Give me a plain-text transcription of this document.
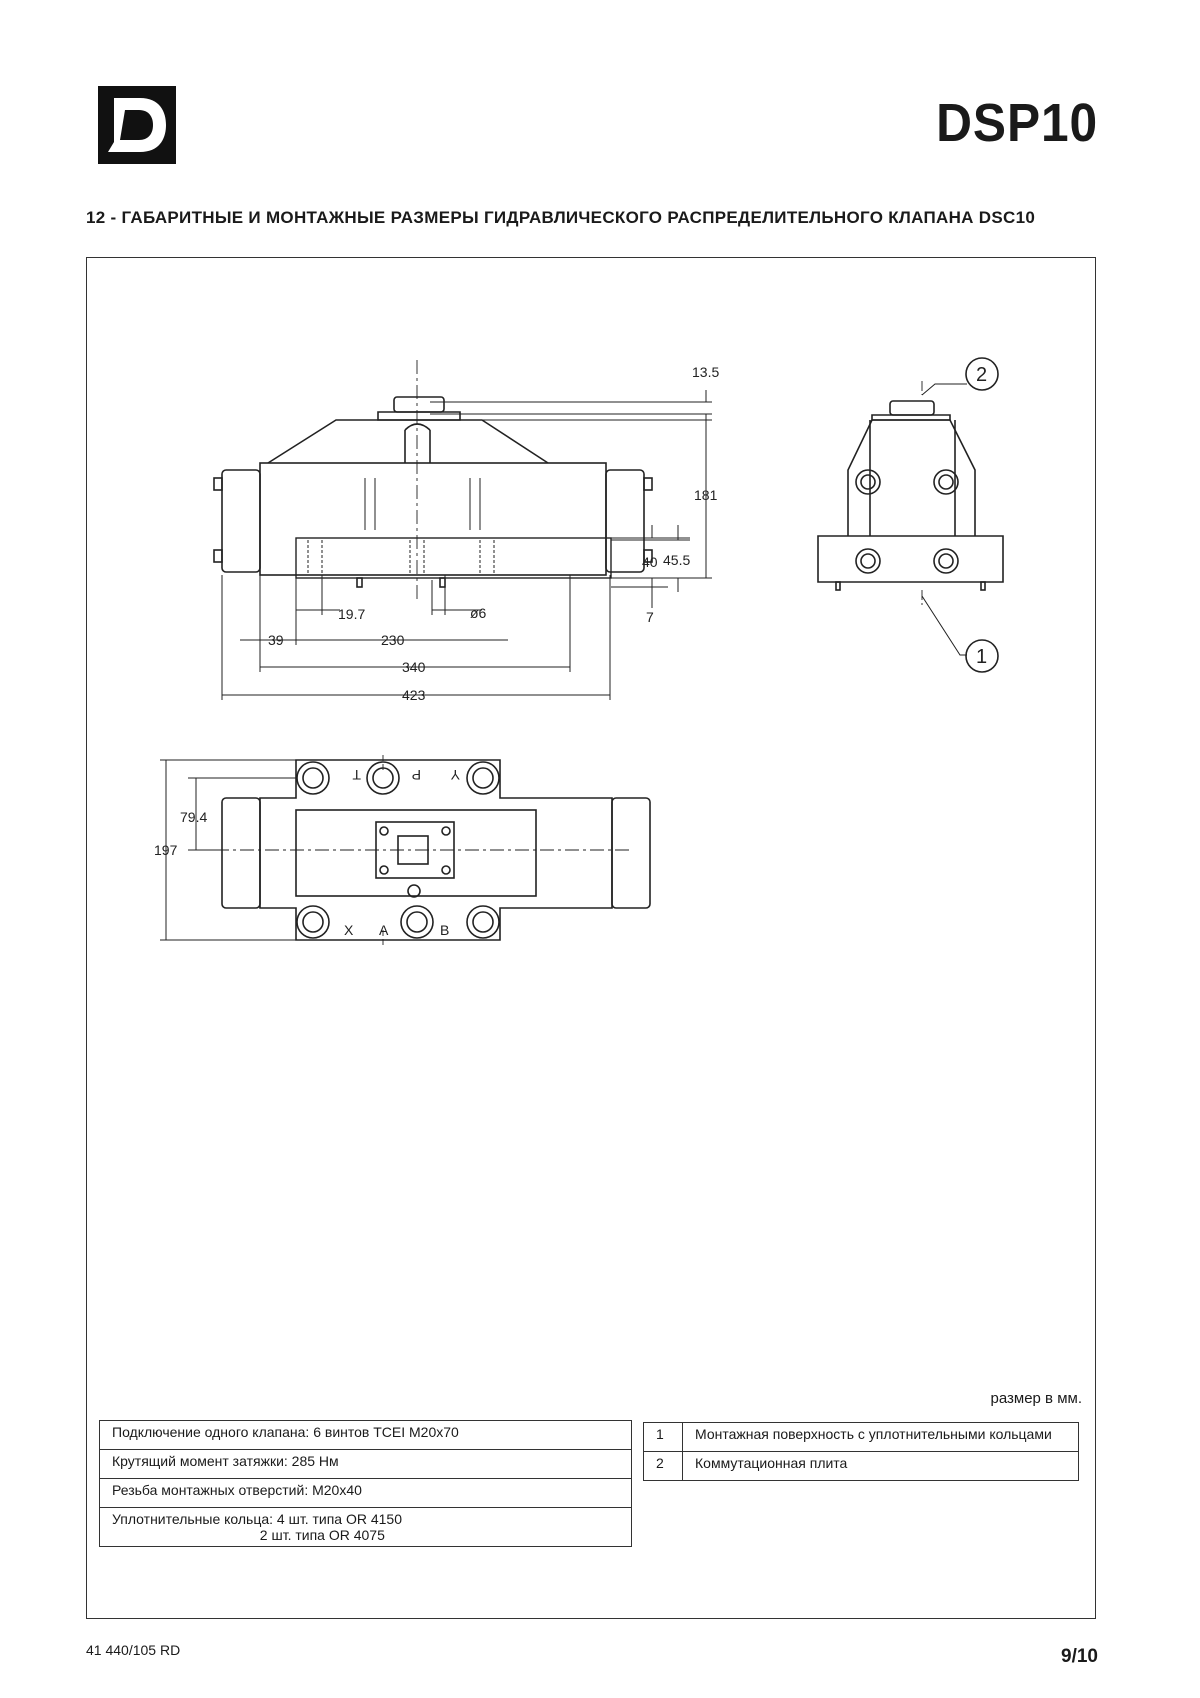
DSP10
12 - ГАБАРИТНЫЕ И МОНТАЖНЫЕ РАЗМЕРЫ ГИДРАВЛИЧЕСКОГО РАСПРЕДЕЛИТЕЛЬНОГО КЛАПАНА DSC10
13.5
181
40 45.5
7
19.7	ø6
39	230
340
423
79.4
197
2
1
T	P Y
X A	B
размер в мм.
Подключение одного клапана: 6 винтов TCEI M20x70
Крутящий момент затяжки: 285 Нм
Резьба монтажных отверстий: M20x40
Уплотнительные кольца: 4 шт. типа OR 4150
2 шт. типа OR 4075
1	Монтажная поверхность с уплотнительными кольцами
2	Коммутационная плита
41 440/105 RD	9/10
